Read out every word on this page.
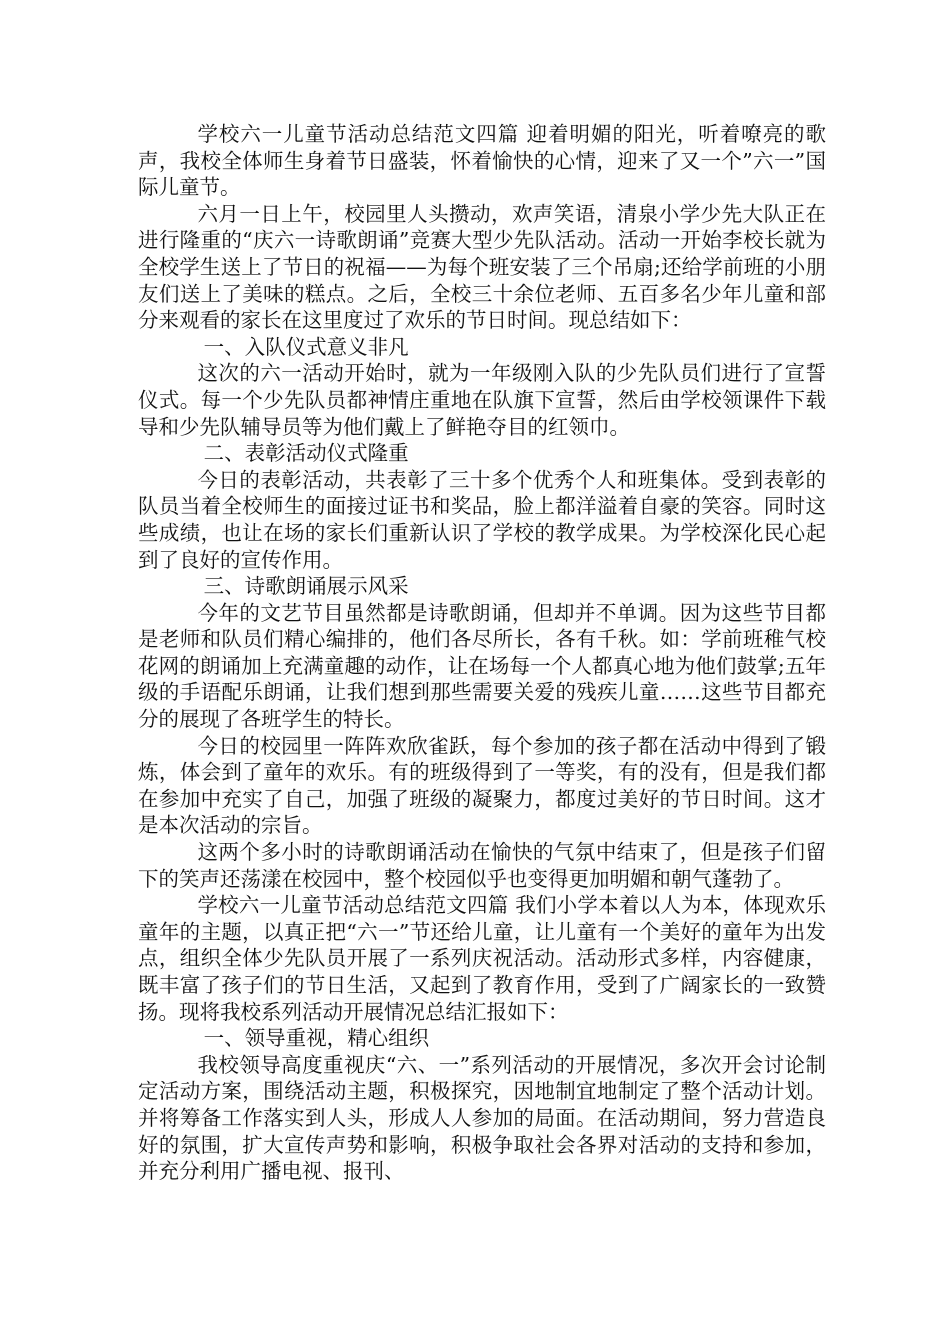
学校六一儿童节活动总结范文四篇 迎着明媚的阳光，听着嘹亮的歌声，我校全体师生身着节日盛装，怀着愉快的心情，迎来了又一个”六一”国际儿童节。

六月一日上午，校园里人头攒动，欢声笑语，清泉小学少先大队正在进行隆重的“庆六一诗歌朗诵”竞赛大型少先队活动。活动一开始李校长就为全校学生送上了节日的祝福——为每个班安装了三个吊扇;还给学前班的小朋友们送上了美味的糕点。之后，全校三十余位老师、五百多名少年儿童和部分来观看的家长在这里度过了欢乐的节日时间。现总结如下：

一、入队仪式意义非凡

这次的六一活动开始时，就为一年级刚入队的少先队员们进行了宣誓仪式。每一个少先队员都神情庄重地在队旗下宣誓，然后由学校领课件下载导和少先队辅导员等为他们戴上了鲜艳夺目的红领巾。

二、表彰活动仪式隆重

今日的表彰活动，共表彰了三十多个优秀个人和班集体。受到表彰的队员当着全校师生的面接过证书和奖品，脸上都洋溢着自豪的笑容。同时这些成绩，也让在场的家长们重新认识了学校的教学成果。为学校深化民心起到了良好的宣传作用。

三、诗歌朗诵展示风采

今年的文艺节目虽然都是诗歌朗诵，但却并不单调。因为这些节目都是老师和队员们精心编排的，他们各尽所长，各有千秋。如：学前班稚气校花网的朗诵加上充满童趣的动作，让在场每一个人都真心地为他们鼓掌;五年级的手语配乐朗诵，让我们想到那些需要关爱的残疾儿童……这些节目都充分的展现了各班学生的特长。

今日的校园里一阵阵欢欣雀跃，每个参加的孩子都在活动中得到了锻炼，体会到了童年的欢乐。有的班级得到了一等奖，有的没有，但是我们都在参加中充实了自己，加强了班级的凝聚力，都度过美好的节日时间。这才是本次活动的宗旨。

这两个多小时的诗歌朗诵活动在愉快的气氛中结束了，但是孩子们留下的笑声还荡漾在校园中，整个校园似乎也变得更加明媚和朝气蓬勃了。

学校六一儿童节活动总结范文四篇 我们小学本着以人为本，体现欢乐童年的主题，以真正把“六一”节还给儿童，让儿童有一个美好的童年为出发点，组织全体少先队员开展了一系列庆祝活动。活动形式多样，内容健康，既丰富了孩子们的节日生活，又起到了教育作用，受到了广阔家长的一致赞扬。现将我校系列活动开展情况总结汇报如下：

一、领导重视，精心组织

我校领导高度重视庆“六、一”系列活动的开展情况，多次开会讨论制定活动方案，围绕活动主题，积极探究，因地制宜地制定了整个活动计划。并将筹备工作落实到人头，形成人人参加的局面。在活动期间，努力营造良好的氛围，扩大宣传声势和影响，积极争取社会各界对活动的支持和参加，并充分利用广播电视、报刊、
